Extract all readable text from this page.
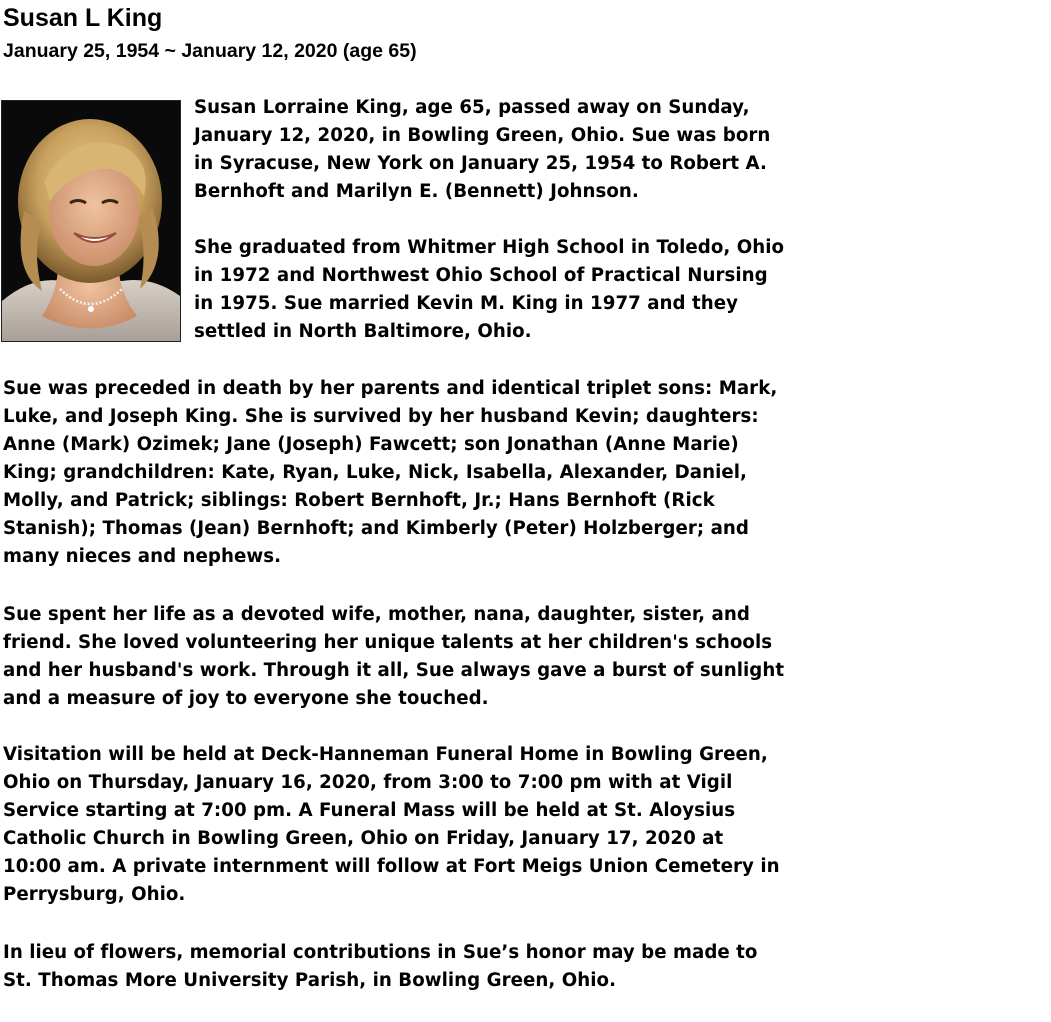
Susan L King
January 25, 1954 ~ January 12, 2020 (age 65)

Susan Lorraine King, age 65, passed away on Sunday,
January 12, 2020, in Bowling Green, Ohio. Sue was born
in Syracuse, New York on January 25, 1954 to Robert A.
Bernhoft and Marilyn E. (Bennett) Johnson.

She graduated from Whitmer High School in Toledo, Ohio
in 1972 and Northwest Ohio School of Practical Nursing
in 1975. Sue married Kevin M. King in 1977 and they
settled in North Baltimore, Ohio.

Sue was preceded in death by her parents and identical triplet sons: Mark,
Luke, and Joseph King. She is survived by her husband Kevin; daughters:
Anne (Mark) Ozimek; Jane (Joseph) Fawcett; son Jonathan (Anne Marie)
King; grandchildren: Kate, Ryan, Luke, Nick, Isabella, Alexander, Daniel,
Molly, and Patrick; siblings: Robert Bernhoft, Jr.; Hans Bernhoft (Rick
Stanish); Thomas (Jean) Bernhoft; and Kimberly (Peter) Holzberger; and
many nieces and nephews.

Sue spent her life as a devoted wife, mother, nana, daughter, sister, and
friend. She loved volunteering her unique talents at her children's schools
and her husband's work. Through it all, Sue always gave a burst of sunlight
and a measure of joy to everyone she touched.

Visitation will be held at Deck-Hanneman Funeral Home in Bowling Green,
Ohio on Thursday, January 16, 2020, from 3:00 to 7:00 pm with at Vigil
Service starting at 7:00 pm. A Funeral Mass will be held at St. Aloysius
Catholic Church in Bowling Green, Ohio on Friday, January 17, 2020 at
10:00 am. A private internment will follow at Fort Meigs Union Cemetery in
Perrysburg, Ohio.

In lieu of flowers, memorial contributions in Sue’s honor may be made to
St. Thomas More University Parish, in Bowling Green, Ohio.
